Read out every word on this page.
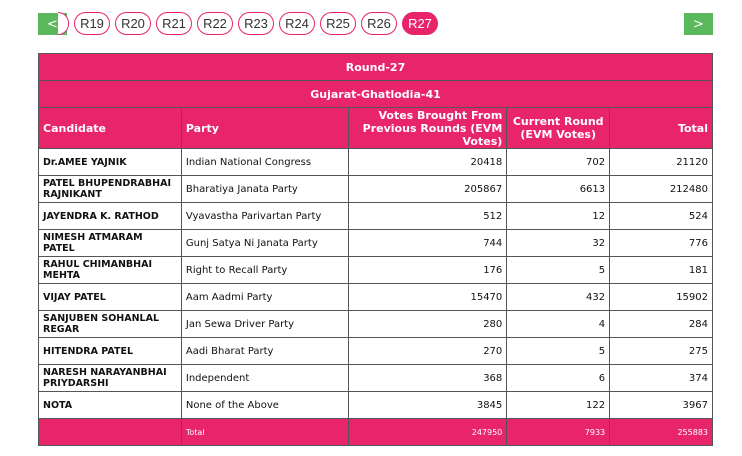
<	R19	R20	R21	R22	R23	R24	R25	R26	R27	>
Round-27				
Gujarat-Ghatlodia-41				
Candidate	Party	Votes Brought From Previous Rounds (EVM Votes)	Current Round (EVM Votes)	Total
Dr.AMEE YAJNIK	Indian National Congress	20418	702	21120
PATEL BHUPENDRABHAI RAJNIKANT	Bharatiya Janata Party	205867	6613	212480
JAYENDRA K. RATHOD	Vyavastha Parivartan Party	512	12	524
NIMESH ATMARAM PATEL	Gunj Satya Ni Janata Party	744	32	776
RAHUL CHIMANBHAI MEHTA	Right to Recall Party	176	5	181
VIJAY PATEL	Aam Aadmi Party	15470	432	15902
SANJUBEN SOHANLAL REGAR	Jan Sewa Driver Party	280	4	284
HITENDRA PATEL	Aadi Bharat Party	270	5	275
NARESH NARAYANBHAI PRIYDARSHI	Independent	368	6	374
NOTA	None of the Above	3845	122	3967
	Total	247950	7933	255883
